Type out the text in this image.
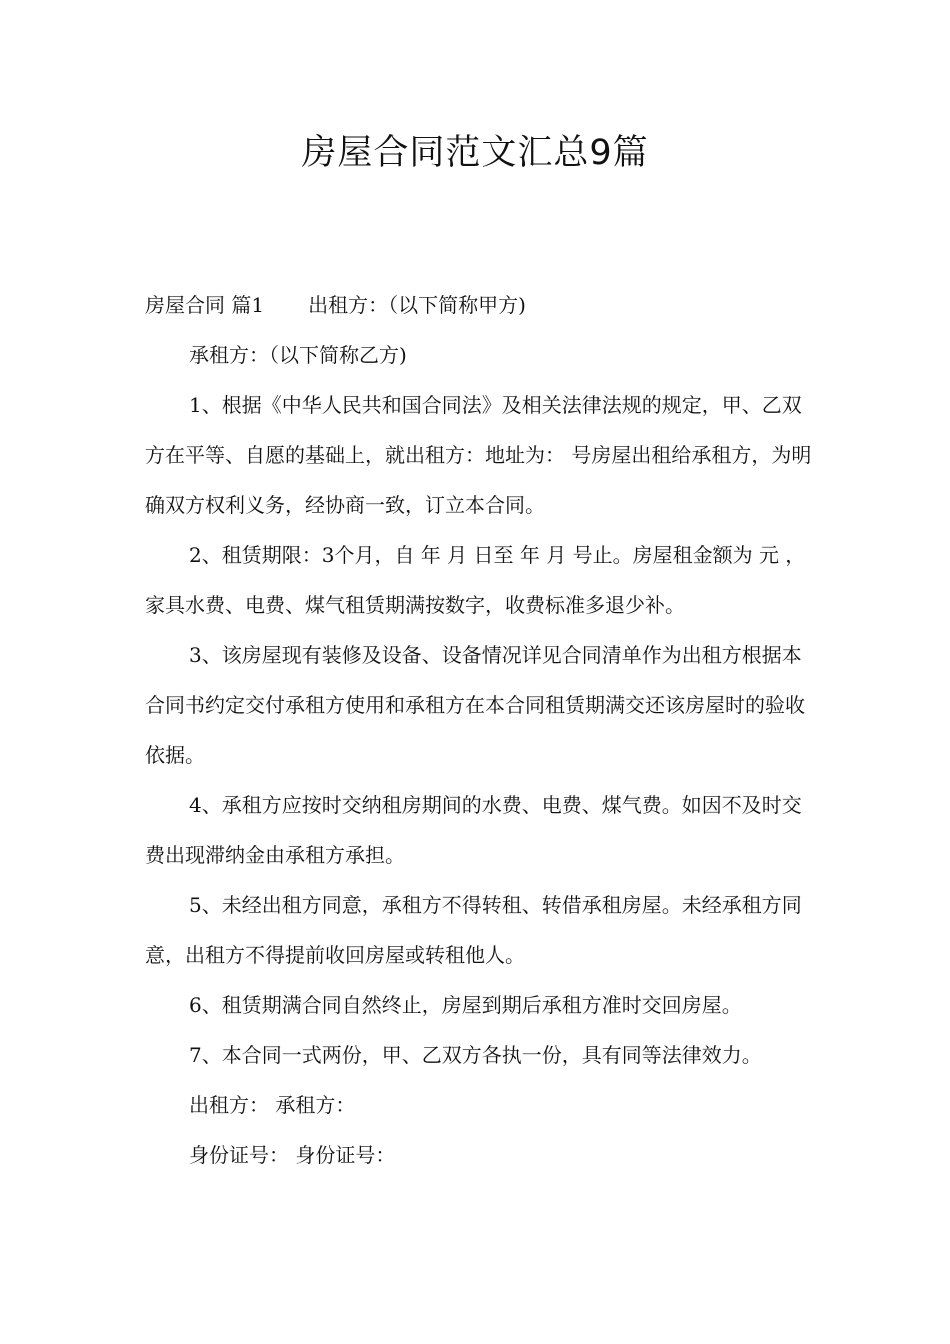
房屋合同范文汇总9篇

房屋合同 篇1 出租方：（以下简称甲方)

承租方：（以下简称乙方)

1、根据《中华人民共和国合同法》及相关法律法规的规定，甲、乙双方在平等、自愿的基础上，就出租方：地址为： 号房屋出租给承租方，为明确双方权利义务，经协商一致，订立本合同。

2、租赁期限：3个月，自 年 月 日至 年 月 号止。房屋租金额为 元 ， 家具水费、电费、煤气租赁期满按数字，收费标准多退少补。

3、该房屋现有装修及设备、设备情况详见合同清单作为出租方根据本合同书约定交付承租方使用和承租方在本合同租赁期满交还该房屋时的验收依据。

4、承租方应按时交纳租房期间的水费、电费、煤气费。如因不及时交费出现滞纳金由承租方承担。

5、未经出租方同意，承租方不得转租、转借承租房屋。未经承租方同意，出租方不得提前收回房屋或转租他人。

6、租赁期满合同自然终止，房屋到期后承租方准时交回房屋。

7、本合同一式两份，甲、乙双方各执一份，具有同等法律效力。

出租方： 承租方：

身份证号： 身份证号：
